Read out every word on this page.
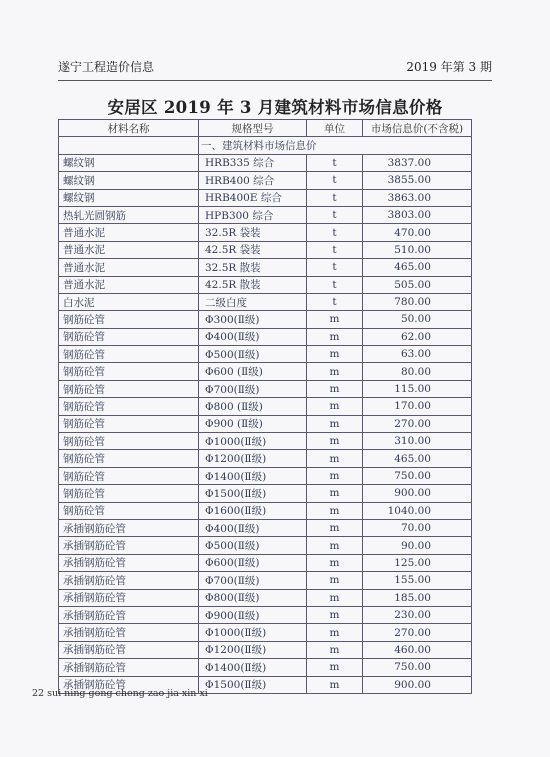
遂宁工程造价信息	2019 年第 3 期
安居区 2019 年 3 月建筑材料市场信息价格
材料名称	规格型号	单位	市场信息价(不含税)
	一、建筑材料市场信息价		
螺纹钢	HRB335 综合	t	3837.00
螺纹钢	HRB400 综合	t	3855.00
螺纹钢	HRB400E 综合	t	3863.00
热轧光圆钢筋	HPB300 综合	t	3803.00
普通水泥	32.5R 袋装	t	470.00
普通水泥	42.5R 袋装	t	510.00
普通水泥	32.5R 散装	t	465.00
普通水泥	42.5R 散装	t	505.00
白水泥	二级白度	t	780.00
钢筋砼管	Φ300(Ⅱ级)	m	50.00
钢筋砼管	Φ400(Ⅱ级)	m	62.00
钢筋砼管	Φ500(Ⅱ级)	m	63.00
钢筋砼管	Φ600 (Ⅱ级)	m	80.00
钢筋砼管	Φ700(Ⅱ级)	m	115.00
钢筋砼管	Φ800 (Ⅱ级)	m	170.00
钢筋砼管	Φ900 (Ⅱ级)	m	270.00
钢筋砼管	Φ1000(Ⅱ级)	m	310.00
钢筋砼管	Φ1200(Ⅱ级)	m	465.00
钢筋砼管	Φ1400(Ⅱ级)	m	750.00
钢筋砼管	Φ1500(Ⅱ级)	m	900.00
钢筋砼管	Φ1600(Ⅱ级)	m	1040.00
承插钢筋砼管	Φ400(Ⅱ级)	m	70.00
承插钢筋砼管	Φ500(Ⅱ级)	m	90.00
承插钢筋砼管	Φ600(Ⅱ级)	m	125.00
承插钢筋砼管	Φ700(Ⅱ级)	m	155.00
承插钢筋砼管	Φ800(Ⅱ级)	m	185.00
承插钢筋砼管	Φ900(Ⅱ级)	m	230.00
承插钢筋砼管	Φ1000(Ⅱ级)	m	270.00
承插钢筋砼管	Φ1200(Ⅱ级)	m	460.00
承插钢筋砼管	Φ1400(Ⅱ级)	m	750.00
承插钢筋砼管	Φ1500(Ⅱ级)	m	900.00
22 sui ning gong cheng zao jia xin xi
